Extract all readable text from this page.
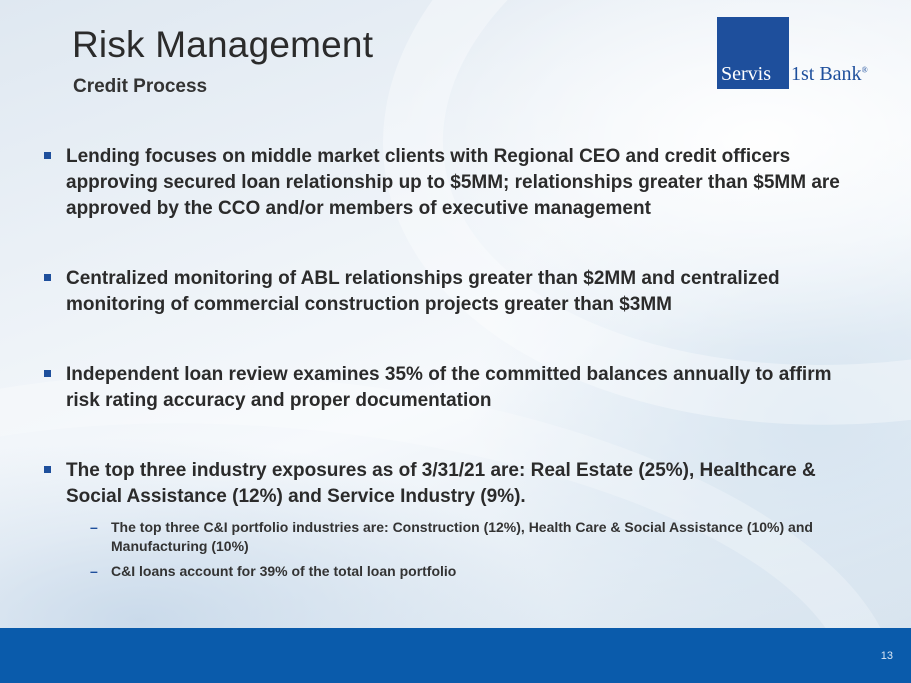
Risk Management
Credit Process
Servis 1st Bank®
Lending focuses on middle market clients with Regional CEO and credit officers approving secured loan relationship up to $5MM; relationships greater than $5MM are approved by the CCO and/or members of executive management
Centralized monitoring of ABL relationships greater than $2MM and centralized monitoring of commercial construction projects greater than $3MM
Independent loan review examines 35% of the committed balances annually to affirm risk rating accuracy and proper documentation
The top three industry exposures as of 3/31/21 are: Real Estate (25%), Healthcare & Social Assistance (12%) and Service Industry (9%).
– The top three C&I portfolio industries are: Construction (12%), Health Care & Social Assistance (10%) and Manufacturing (10%)
– C&I loans account for 39% of the total loan portfolio
13
